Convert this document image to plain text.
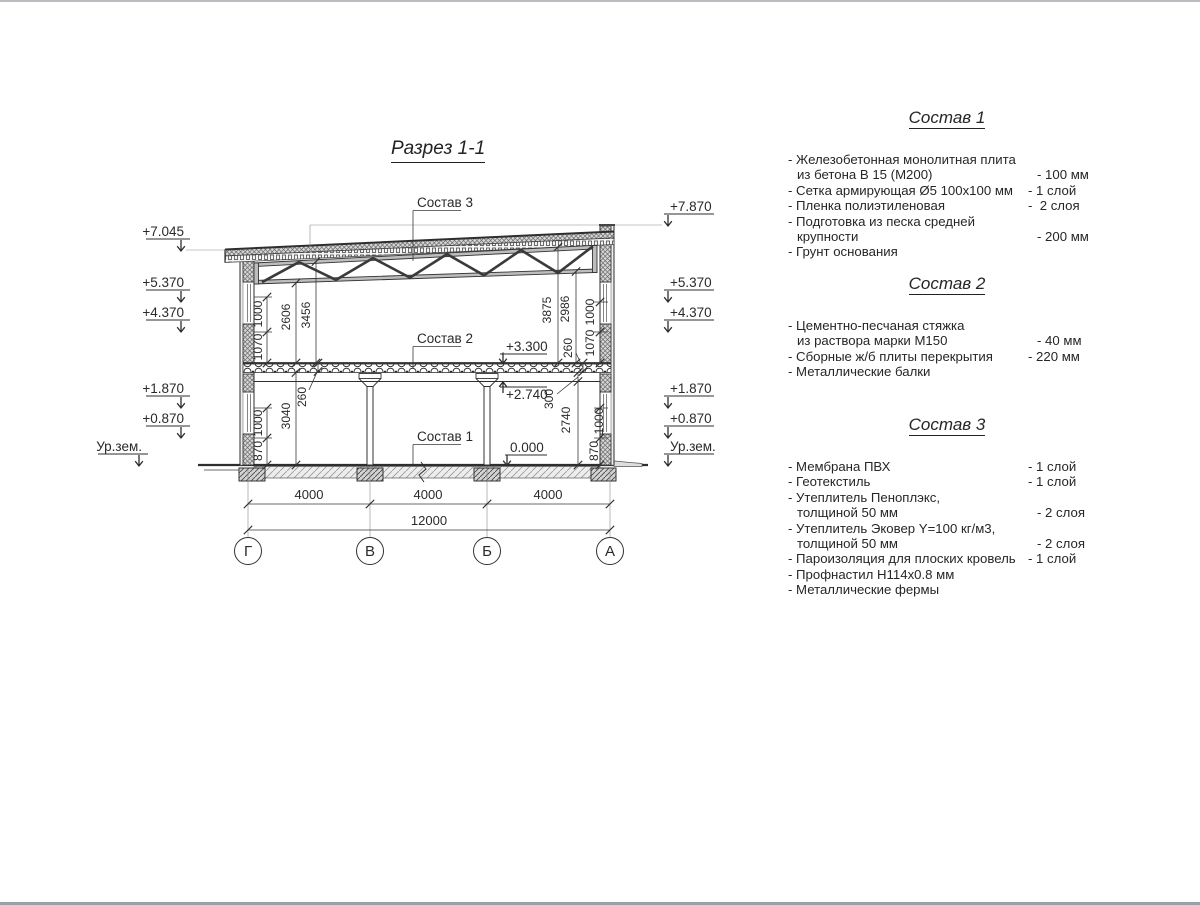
+7.045
+5.370
+4.370
+1.870
+0.870
Ур.зем.
+7.870
+5.370
+4.370
+1.870
+0.870
Ур.зем.
+3.300
+2.740
0.000
1000
1070
2606 3456
260
3040
1000
870
3875 2986
260 1070
1000
300
2740 1000
870
4000	4000	4000
12000
Г	В	Б	А
Состав 3
Состав 2
Состав 1
Разрез 1-1
Состав 1
- Железобетонная монолитная плита
из бетона В 15 (М200)	- 100 мм
- Сетка армирующая Ø5 100x100 мм	- 1 слой
- Пленка полиэтиленовая	-  2 слоя
- Подготовка из песка средней
крупности	- 200 мм
- Грунт основания
Состав 2
- Цементно-песчаная стяжка
из раствора марки М150	- 40 мм
- Сборные ж/б плиты перекрытия	- 220 мм
- Металлические балки
Состав 3
- Мембрана ПВХ	- 1 слой
- Геотекстиль	- 1 слой
- Утеплитель Пеноплэкс,
толщиной 50 мм	- 2 слоя
- Утеплитель Эковер Y=100 кг/м3,
толщиной 50 мм	- 2 слоя
- Пароизоляция для плоских кровель - 1 слой
- Профнастил Н114х0.8 мм
- Металлические фермы
